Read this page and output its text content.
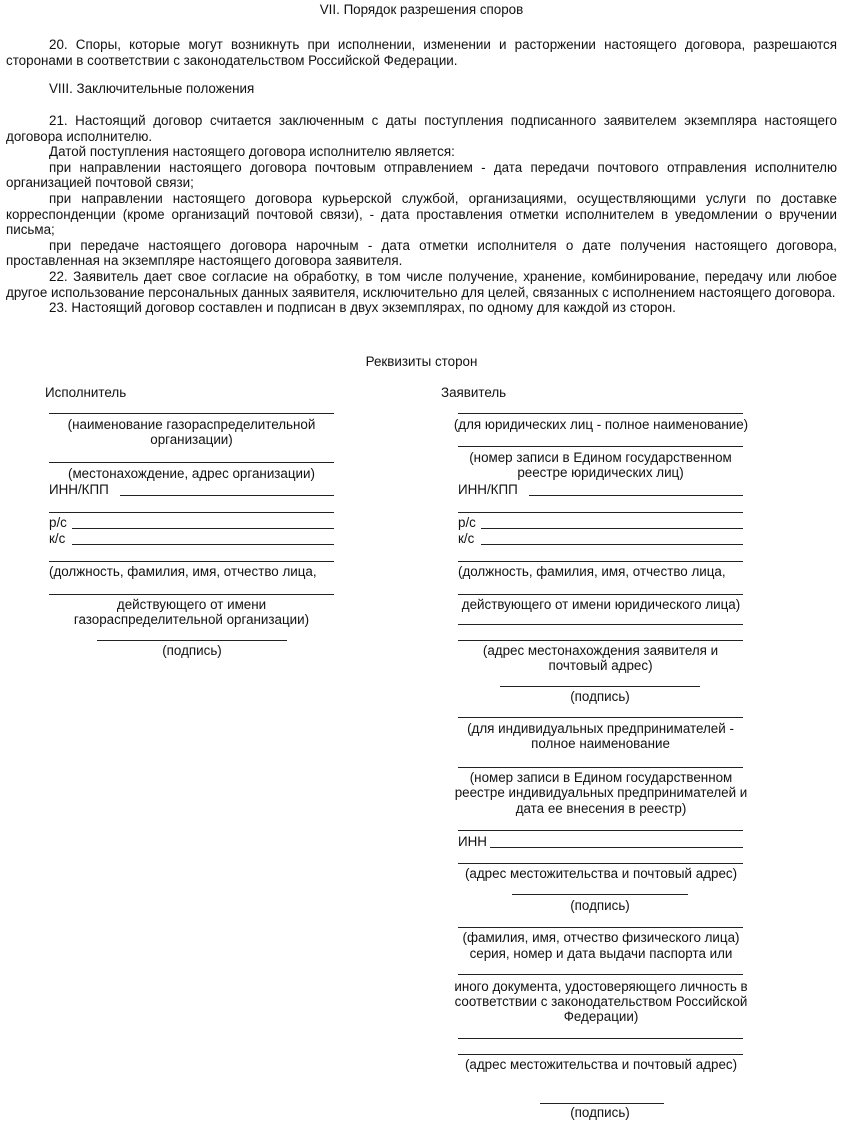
VII. Порядок разрешения споров

20. Споры, которые могут возникнуть при исполнении, изменении и расторжении настоящего договора, разрешаются сторонами в соответствии с законодательством Российской Федерации.

VIII. Заключительные положения

21. Настоящий договор считается заключенным с даты поступления подписанного заявителем экземпляра настоящего договора исполнителю.

Датой поступления настоящего договора исполнителю является:

при направлении настоящего договора почтовым отправлением - дата передачи почтового отправления исполнителю организацией почтовой связи;

при направлении настоящего договора курьерской службой, организациями, осуществляющими услуги по доставке корреспонденции (кроме организаций почтовой связи), - дата проставления отметки исполнителем в уведомлении о вручении письма;

при передаче настоящего договора нарочным - дата отметки исполнителя о дате получения настоящего договора, проставленная на экземпляре настоящего договора заявителя.

22. Заявитель дает свое согласие на обработку, в том числе получение, хранение, комбинирование, передачу или любое другое использование персональных данных заявителя, исключительно для целей, связанных с исполнением настоящего договора.

23. Настоящий договор составлен и подписан в двух экземплярах, по одному для каждой из сторон.

Реквизиты сторон
Исполнитель
(наименование газораспределительной
организации)
(местонахождение, адрес организации)
ИНН/КПП
р/с
к/с
(должность, фамилия, имя, отчество лица,
действующего от имени
газораспределительной организации)
(подпись)
Заявитель
(для юридических лиц - полное наименование)
(номер записи в Едином государственном
реестре юридических лиц)
ИНН/КПП
р/с
к/с
(должность, фамилия, имя, отчество лица,
действующего от имени юридического лица)
(адрес местонахождения заявителя и
почтовый адрес)
(подпись)
(для индивидуальных предпринимателей -
полное наименование
(номер записи в Едином государственном
реестре индивидуальных предпринимателей и
дата ее внесения в реестр)
ИНН
(адрес местожительства и почтовый адрес)
(подпись)
(фамилия, имя, отчество физического лица)
серия, номер и дата выдачи паспорта или
иного документа, удостоверяющего личность в
соответствии с законодательством Российской
Федерации)
(адрес местожительства и почтовый адрес)
(подпись)
